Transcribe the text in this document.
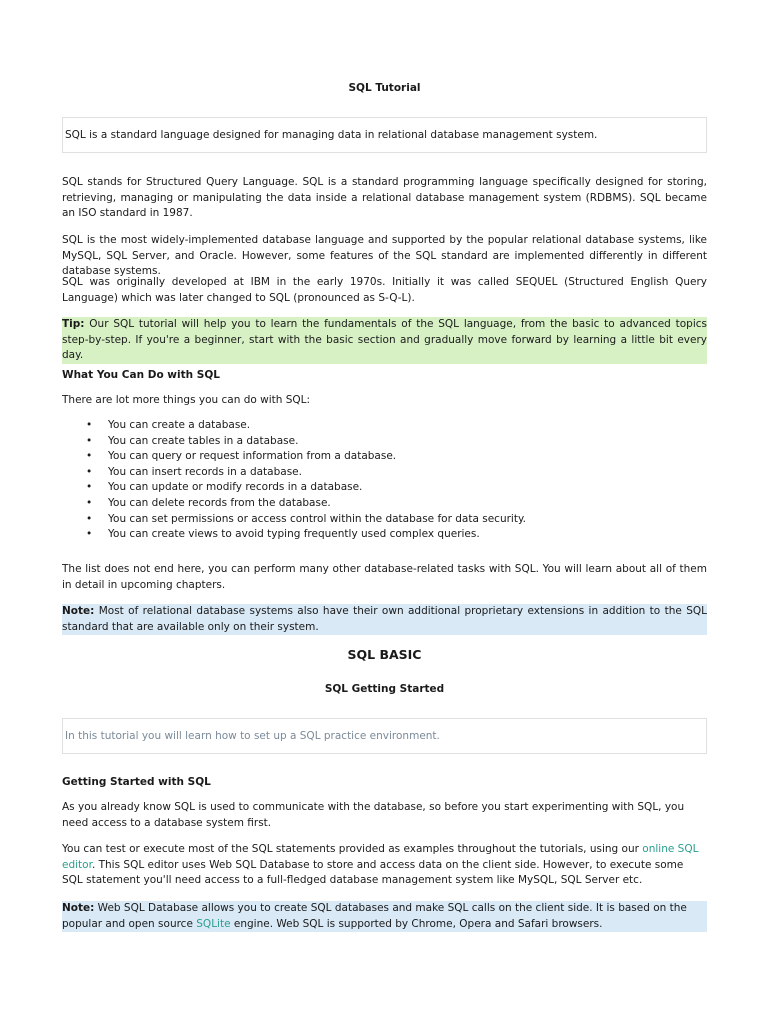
SQL Tutorial
SQL is a standard language designed for managing data in relational database management system.

SQL stands for Structured Query Language. SQL is a standard programming language specifically designed for storing, retrieving, managing or manipulating the data inside a relational database management system (RDBMS). SQL became an ISO standard in 1987.

SQL is the most widely-implemented database language and supported by the popular relational database systems, like MySQL, SQL Server, and Oracle. However, some features of the SQL standard are implemented differently in different database systems.

SQL was originally developed at IBM in the early 1970s. Initially it was called SEQUEL (Structured English Query Language) which was later changed to SQL (pronounced as S-Q-L).

Tip: Our SQL tutorial will help you to learn the fundamentals of the SQL language, from the basic to advanced topics step-by-step. If you're a beginner, start with the basic section and gradually move forward by learning a little bit every day.

What You Can Do with SQL

There are lot more things you can do with SQL:

• You can create a database.
• You can create tables in a database.
• You can query or request information from a database.
• You can insert records in a database.
• You can update or modify records in a database.
• You can delete records from the database.
• You can set permissions or access control within the database for data security.
• You can create views to avoid typing frequently used complex queries.

The list does not end here, you can perform many other database-related tasks with SQL. You will learn about all of them in detail in upcoming chapters.

Note: Most of relational database systems also have their own additional proprietary extensions in addition to the SQL standard that are available only on their system.

SQL BASIC
SQL Getting Started
In this tutorial you will learn how to set up a SQL practice environment.
Getting Started with SQL

As you already know SQL is used to communicate with the database, so before you start experimenting with SQL, you need access to a database system first.

You can test or execute most of the SQL statements provided as examples throughout the tutorials, using our online SQL editor. This SQL editor uses Web SQL Database to store and access data on the client side. However, to execute some SQL statement you'll need access to a full-fledged database management system like MySQL, SQL Server etc.

Note: Web SQL Database allows you to create SQL databases and make SQL calls on the client side. It is based on the popular and open source SQLite engine. Web SQL is supported by Chrome, Opera and Safari browsers.
